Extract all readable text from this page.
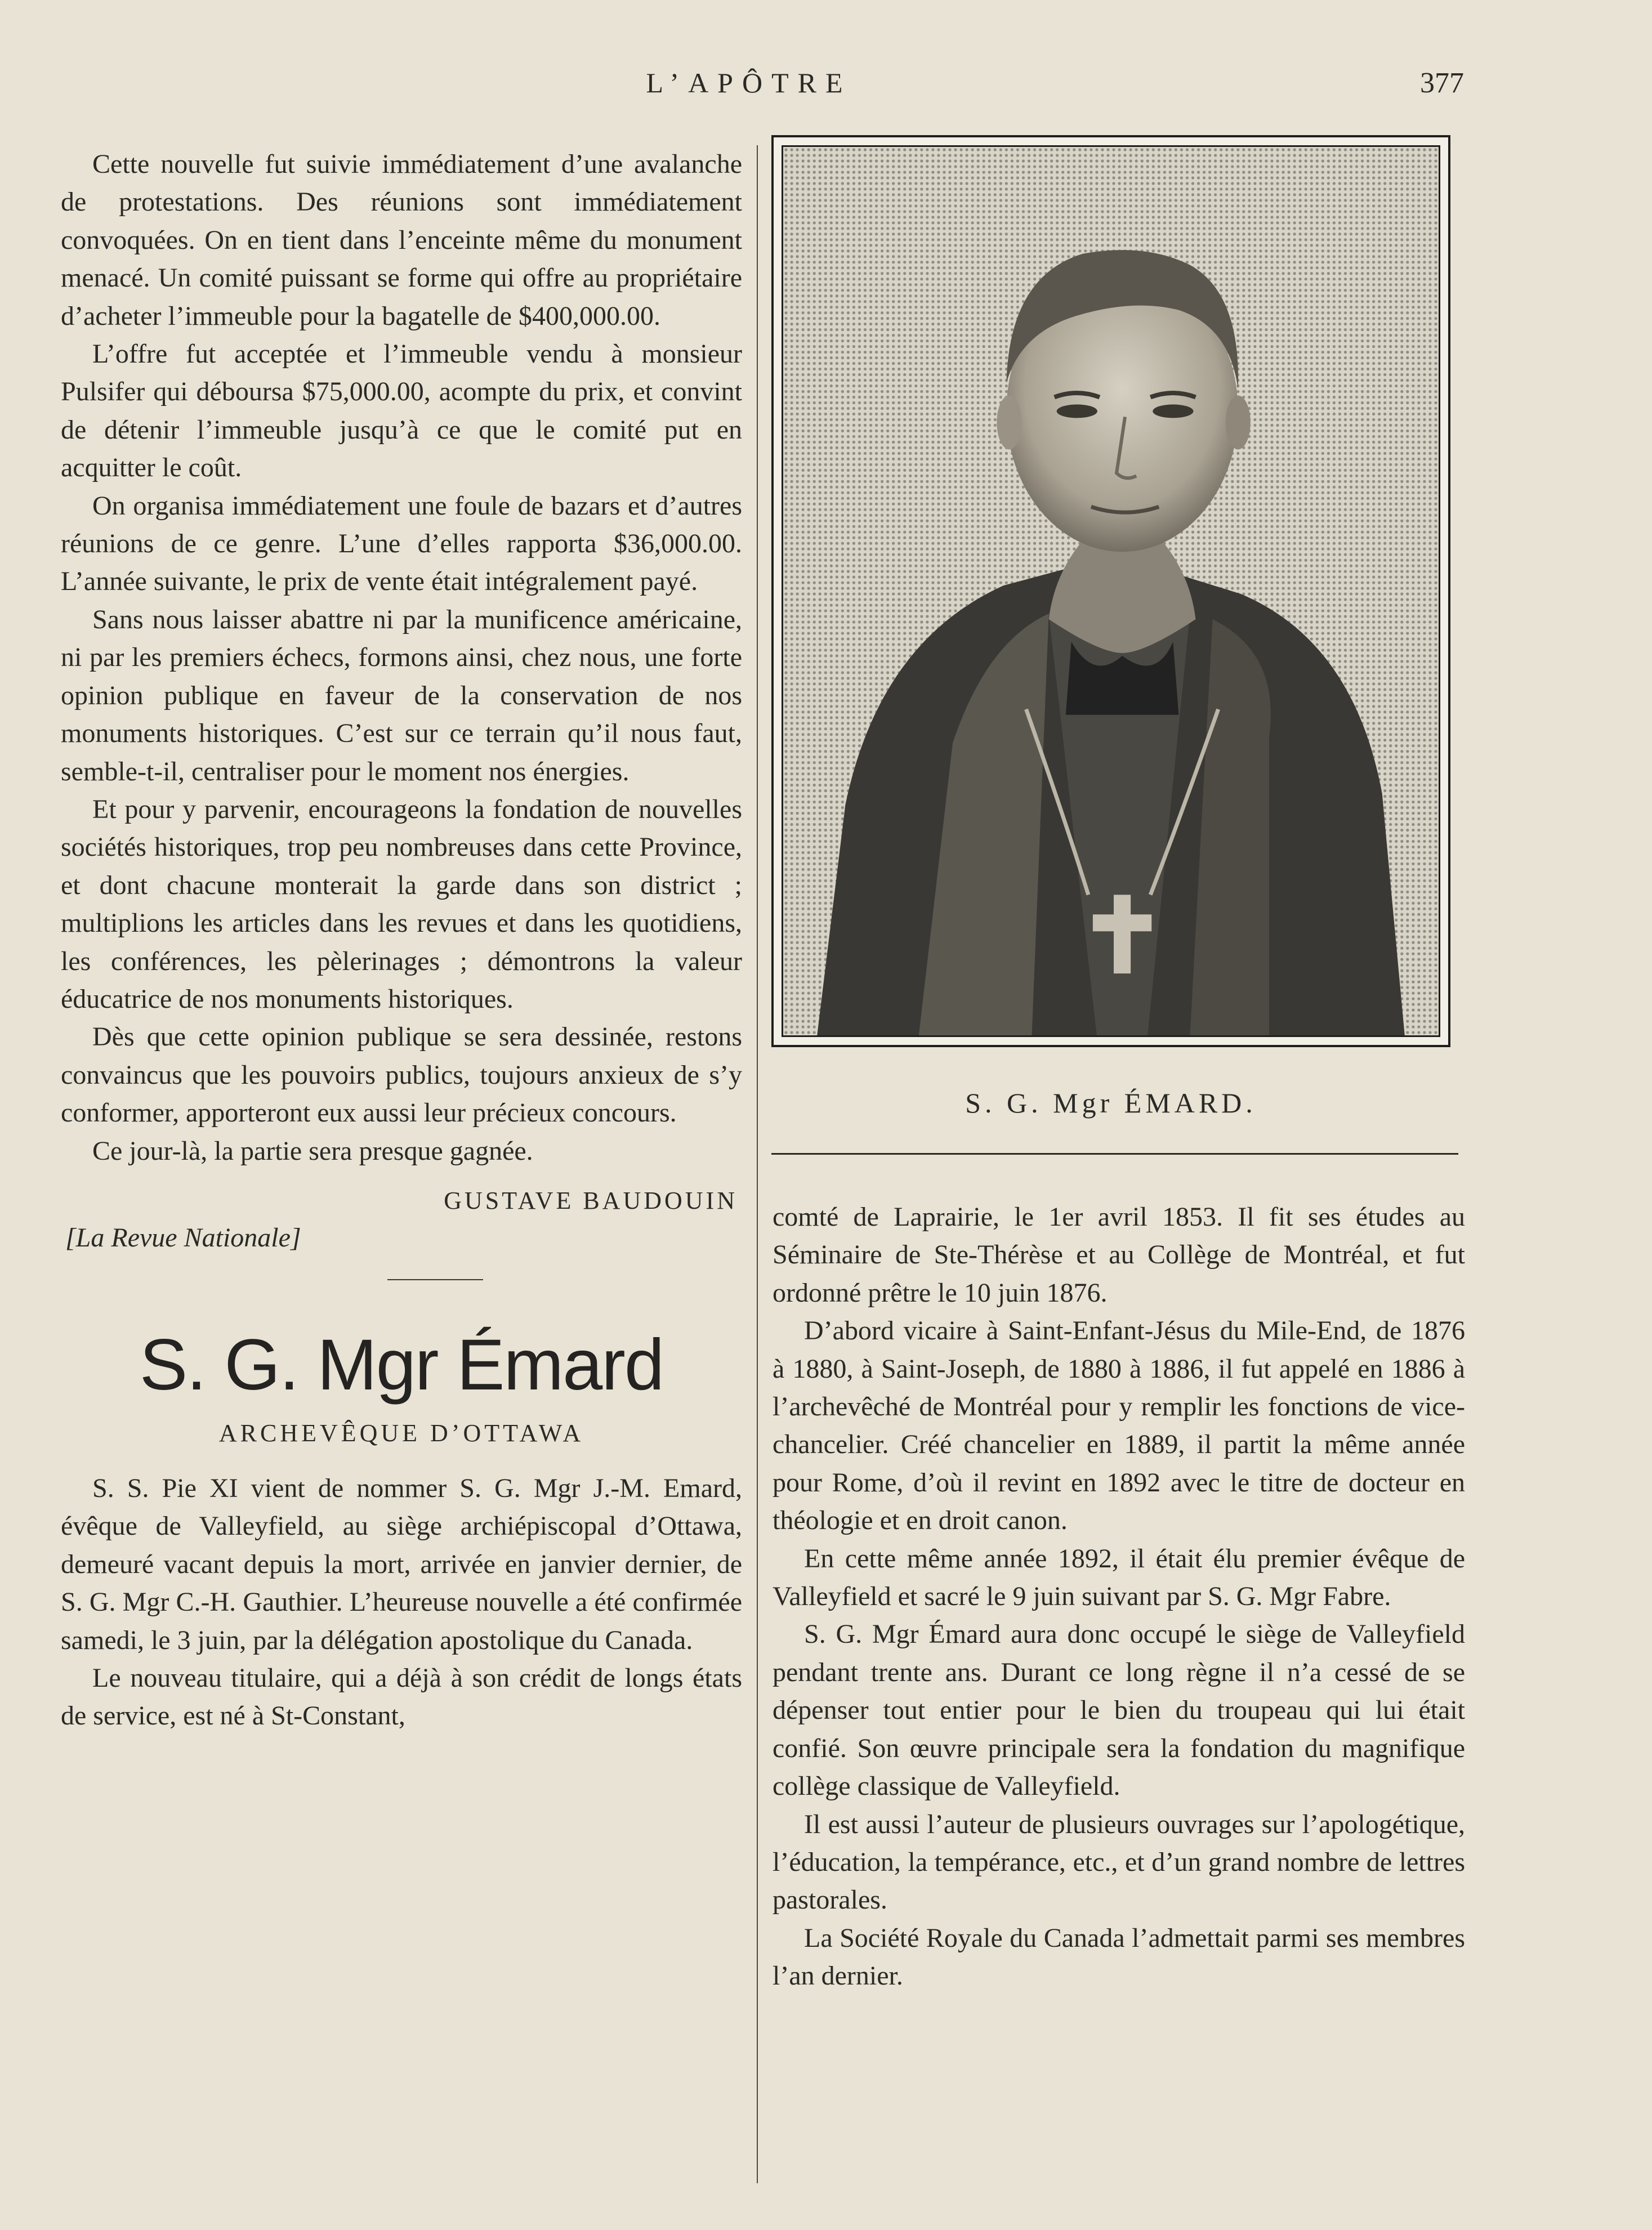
L’APÔTRE	377

Cette nouvelle fut suivie immédiatement d’une avalanche de protestations. Des réunions sont immédiatement convoquées. On en tient dans l’enceinte même du monument menacé. Un comité puissant se forme qui offre au propriétaire d’acheter l’immeuble pour la bagatelle de $400,000.00.

L’offre fut acceptée et l’immeuble vendu à monsieur Pulsifer qui déboursa $75,000.00, acompte du prix, et convint de détenir l’immeuble jusqu’à ce que le comité put en acquitter le coût.

On organisa immédiatement une foule de bazars et d’autres réunions de ce genre. L’une d’elles rapporta $36,000.00. L’année suivante, le prix de vente était intégralement payé.

Sans nous laisser abattre ni par la munificence américaine, ni par les premiers échecs, formons ainsi, chez nous, une forte opinion publique en faveur de la conservation de nos monuments historiques. C’est sur ce terrain qu’il nous faut, semble-t-il, centraliser pour le moment nos énergies.

Et pour y parvenir, encourageons la fondation de nouvelles sociétés historiques, trop peu nombreuses dans cette Province, et dont chacune monterait la garde dans son district ; multiplions les articles dans les revues et dans les quotidiens, les conférences, les pèlerinages ; démontrons la valeur éducatrice de nos monuments historiques.

Dès que cette opinion publique se sera dessinée, restons convaincus que les pouvoirs publics, toujours anxieux de s’y conformer, apporteront eux aussi leur précieux concours.

Ce jour-là, la partie sera presque gagnée.

GUSTAVE BAUDOUIN
[La Revue Nationale]
S. G. Mgr Émard
ARCHEVÊQUE D’OTTAWA

S. S. Pie XI vient de nommer S. G. Mgr J.-M. Emard, évêque de Valleyfield, au siège archiépiscopal d’Ottawa, demeuré vacant depuis la mort, arrivée en janvier dernier, de S. G. Mgr C.-H. Gauthier. L’heureuse nouvelle a été confirmée samedi, le 3 juin, par la délégation apostolique du Canada.

Le nouveau titulaire, qui a déjà à son crédit de longs états de service, est né à St-Constant,

S. G. Mgr ÉMARD.

comté de Laprairie, le 1er avril 1853. Il fit ses études au Séminaire de Ste-Thérèse et au Collège de Montréal, et fut ordonné prêtre le 10 juin 1876.

D’abord vicaire à Saint-Enfant-Jésus du Mile-End, de 1876 à 1880, à Saint-Joseph, de 1880 à 1886, il fut appelé en 1886 à l’archevêché de Montréal pour y remplir les fonctions de vice-chancelier. Créé chancelier en 1889, il partit la même année pour Rome, d’où il revint en 1892 avec le titre de docteur en théologie et en droit canon.

En cette même année 1892, il était élu premier évêque de Valleyfield et sacré le 9 juin suivant par S. G. Mgr Fabre.

S. G. Mgr Émard aura donc occupé le siège de Valleyfield pendant trente ans. Durant ce long règne il n’a cessé de se dépenser tout entier pour le bien du troupeau qui lui était confié. Son œuvre principale sera la fondation du magnifique collège classique de Valleyfield.

Il est aussi l’auteur de plusieurs ouvrages sur l’apologétique, l’éducation, la tempérance, etc., et d’un grand nombre de lettres pastorales.

La Société Royale du Canada l’admettait parmi ses membres l’an dernier.
